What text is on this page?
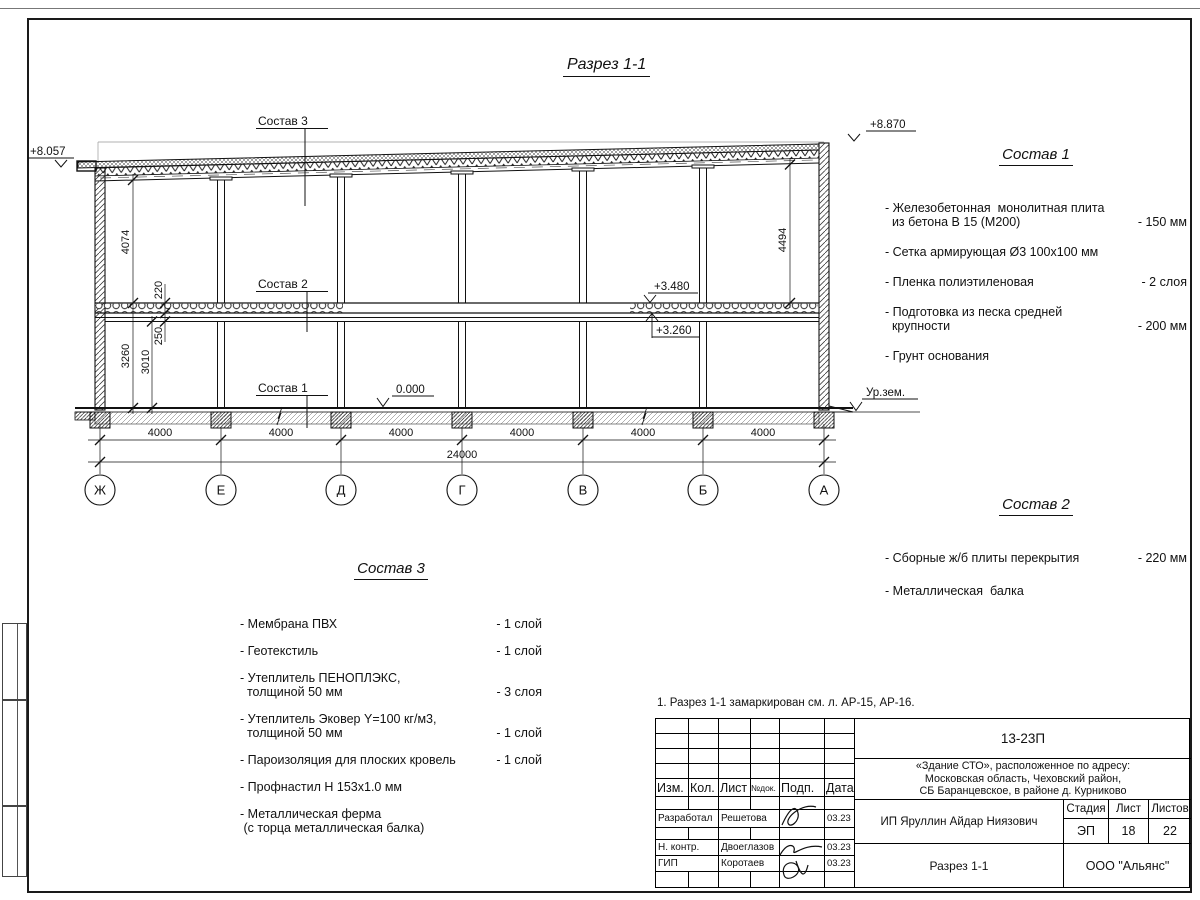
Разрез 1-1
4000	4000	4000	4000	4000	4000
24000
Ж	Е	Д	Г	В	Б	А
4074
220
250
3260 3010
4494
+8.057
+8.870
+3.480
+3.260
0.000	Ур.зем.
Состав 3
Состав 2
Состав 1
Состав 1
- Железобетонная  монолитная плита
из бетона В 15 (М200)	- 150 мм
- Сетка армирующая Ø3 100х100 мм
- Пленка полиэтиленовая	- 2 слоя
- Подготовка из песка средней
крупности	- 200 мм
- Грунт основания
Состав 2
- Сборные ж/б плиты перекрытия	- 220 мм
- Металлическая  балка
Состав 3
- Мембрана ПВХ	- 1 слой
- Геотекстиль	- 1 слой
- Утеплитель ПЕНОПЛЭКС,
толщиной 50 мм	- 3 слоя
- Утеплитель Эковер Y=100 кг/м3,
толщиной 50 мм	- 1 слой
- Пароизоляция для плоских кровель	- 1 слой
- Профнастил Н 153х1.0 мм
- Металлическая ферма
(с торца металлическая балка)
1. Разрез 1-1 замаркирован см. л. АР-15, АР-16.
Изм. Кол. Лист №док. Подп. Дата
Разработал Решетова	03.23
Н. контр.	Двоеглазов	03.23
ГИП	Коротаев	03.23
13-23П
«Здание СТО», расположенное по адресу:
Московская область, Чеховский район,
СБ Баранцевское, в районе д. Курниково
ИП Яруллин Айдар Ниязович
Стадия Лист Листов
ЭП	18	22
Разрез 1-1	ООО "Альянс"
